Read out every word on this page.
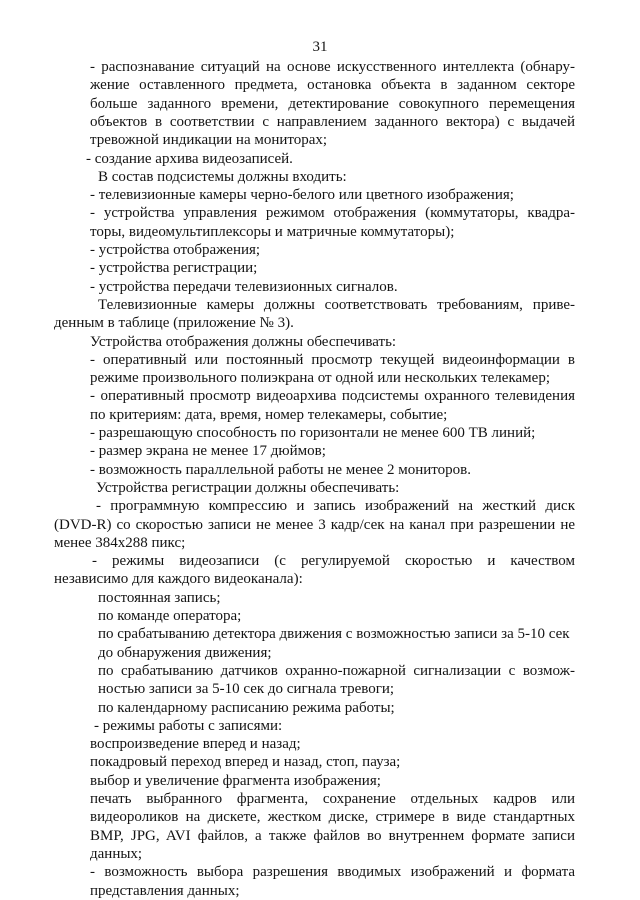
31
- распознавание ситуаций на основе искусственного интеллекта (обнару-
жение оставленного предмета, остановка объекта в заданном секторе
больше заданного времени, детектирование совокупного перемещения
объектов в соответствии с направлением заданного вектора) с выдачей
тревожной индикации на мониторах;
- создание архива видеозаписей.
В состав подсистемы должны входить:
- телевизионные камеры черно-белого или цветного изображения;
- устройства управления режимом отображения (коммутаторы, квадра-
торы, видеомультиплексоры и матричные коммутаторы);
- устройства отображения;
- устройства регистрации;
- устройства передачи телевизионных сигналов.
Телевизионные камеры должны соответствовать требованиям, приве-
денным в таблице (приложение № 3).
Устройства отображения должны обеспечивать:
- оперативный или постоянный просмотр текущей видеоинформации в
режиме произвольного полиэкрана от одной или нескольких телекамер;
- оперативный просмотр видеоархива подсистемы охранного телевидения
по критериям: дата, время, номер телекамеры, событие;
- разрешающую способность по горизонтали не менее 600 ТВ линий;
- размер экрана не менее 17 дюймов;
- возможность параллельной работы не менее 2 мониторов.
Устройства регистрации должны обеспечивать:
- программную компрессию и запись изображений на жесткий диск
(DVD-R) со скоростью записи не менее 3 кадр/сек на канал при разрешении не
менее 384x288 пикс;
- режимы видеозаписи (с регулируемой скоростью и качеством
независимо для каждого видеоканала):
постоянная запись;
по команде оператора;
по срабатыванию детектора движения с возможностью записи за 5-10 сек
до обнаружения движения;
по срабатыванию датчиков охранно-пожарной сигнализации с возмож-
ностью записи за 5-10 сек до сигнала тревоги;
по календарному расписанию режима работы;
- режимы работы с записями:
воспроизведение вперед и назад;
покадровый переход вперед и назад, стоп, пауза;
выбор и увеличение фрагмента изображения;
печать выбранного фрагмента, сохранение отдельных кадров или
видеороликов на дискете, жестком диске, стримере в виде стандартных
BMP, JPG, AVI файлов, а также файлов во внутреннем формате записи
данных;
- возможность выбора разрешения вводимых изображений и формата
представления данных;
